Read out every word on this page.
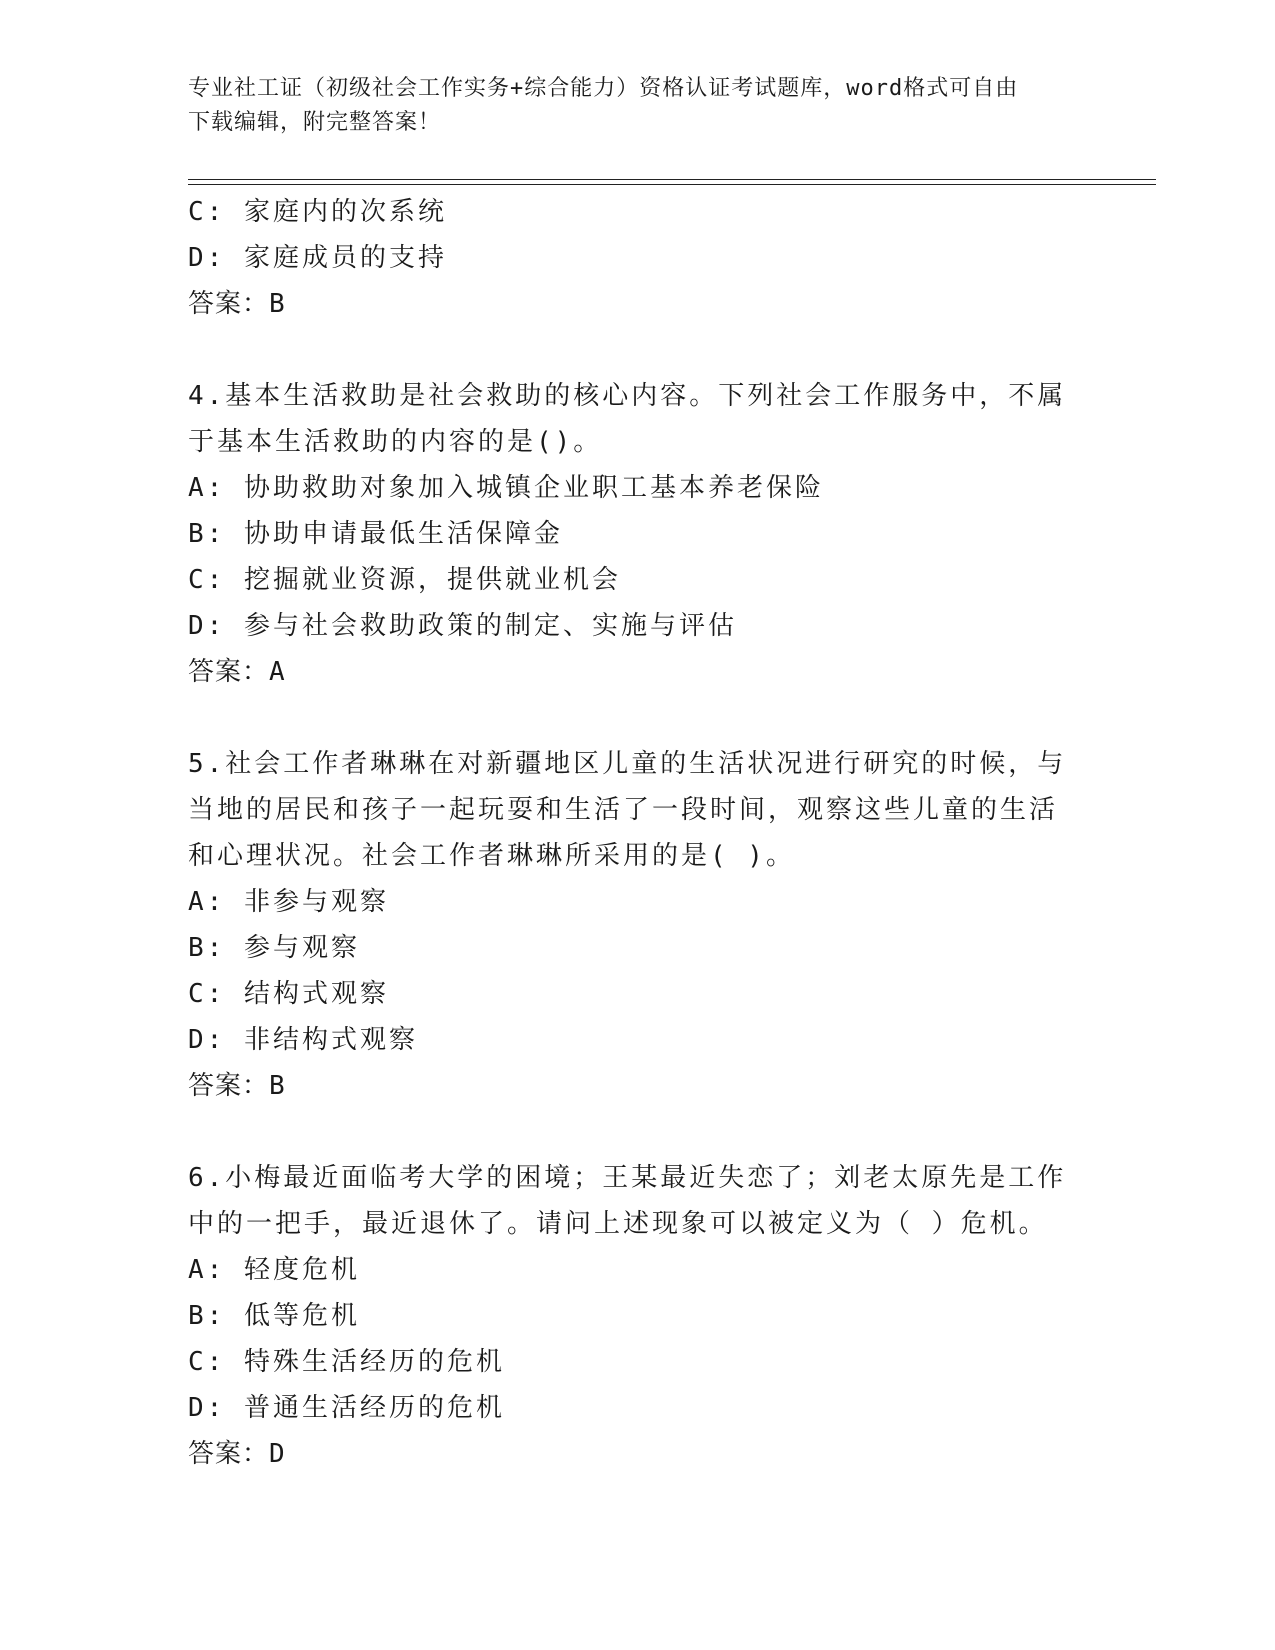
专业社工证（初级社会工作实务+综合能力）资格认证考试题库，word格式可自由
下载编辑，附完整答案！
C: 家庭内的次系统
D: 家庭成员的支持
答案：B
4.基本生活救助是社会救助的核心内容。下列社会工作服务中，不属
于基本生活救助的内容的是()。
A: 协助救助对象加入城镇企业职工基本养老保险
B: 协助申请最低生活保障金
C: 挖掘就业资源，提供就业机会
D: 参与社会救助政策的制定、实施与评估
答案：A
5.社会工作者琳琳在对新疆地区儿童的生活状况进行研究的时候，与
当地的居民和孩子一起玩耍和生活了一段时间，观察这些儿童的生活
和心理状况。社会工作者琳琳所采用的是( )。
A: 非参与观察
B: 参与观察
C: 结构式观察
D: 非结构式观察
答案：B
6.小梅最近面临考大学的困境；王某最近失恋了；刘老太原先是工作
中的一把手，最近退休了。请问上述现象可以被定义为（ ）危机。
A: 轻度危机
B: 低等危机
C: 特殊生活经历的危机
D: 普通生活经历的危机
答案：D
